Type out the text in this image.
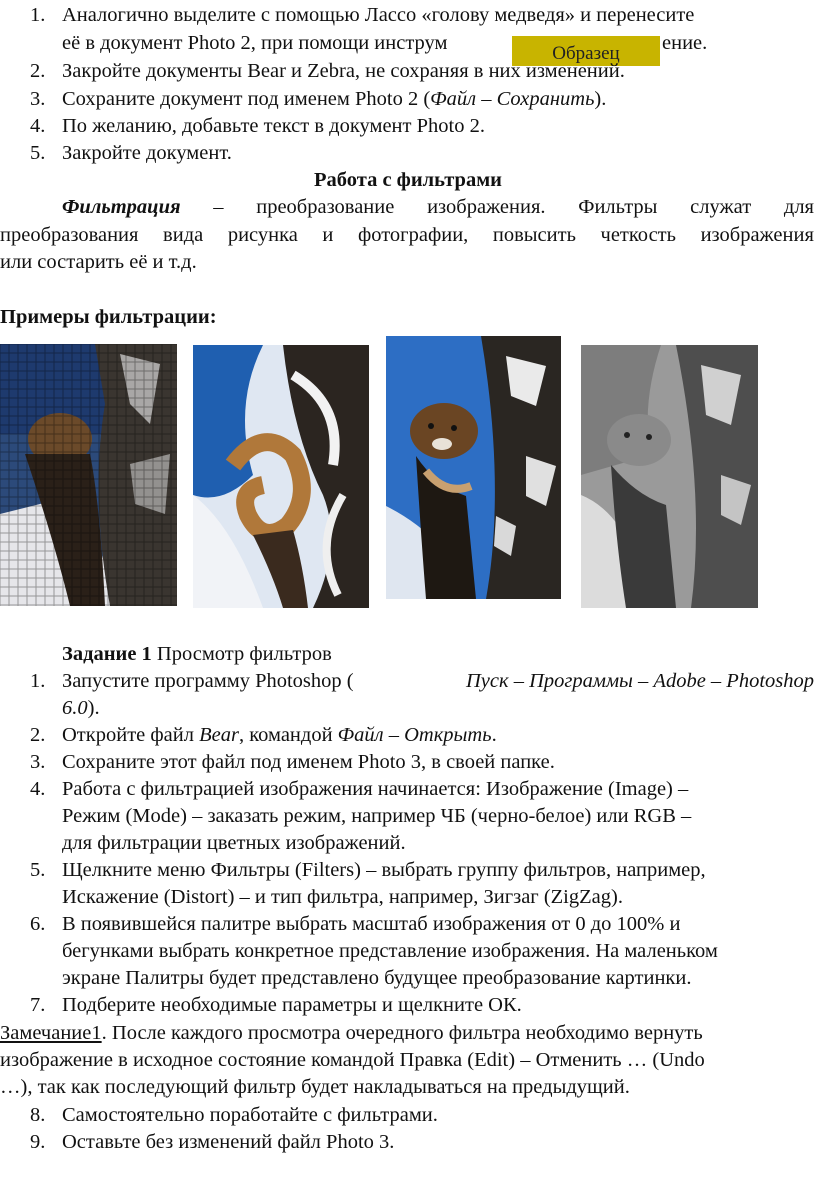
1. Аналогично выделите с помощью Лассо «голову медведя» и перенесите
её в документ Photo 2, при помощи инструм	ение.
Образец
2. Закройте документы Bear и Zebra, не сохраняя в них изменений.
3. Сохраните документ под именем Photo 2 (Файл – Сохранить).
4. По желанию, добавьте текст в документ Photo 2.
5. Закройте документ.
Работа с фильтрами
Фильтрация – преобразование изображения. Фильтры служат для
преобразования вида рисунка и фотографии, повысить четкость изображения
или состарить её и т.д.
Примеры фильтрации:
Задание 1 Просмотр фильтров
1. Запустите программу Photoshop (	Пуск – Программы – Adobe – Photoshop
6.0).
2. Откройте файл Bear, командой Файл – Открыть.
3. Сохраните этот файл под именем Photo 3, в своей папке.
4. Работа с фильтрацией изображения начинается: Изображение (Image) –
Режим (Mode) – заказать режим, например ЧБ (черно-белое) или RGB –
для фильтрации цветных изображений.
5. Щелкните меню Фильтры (Filters) – выбрать группу фильтров, например,
Искажение (Distort) – и тип фильтра, например, Зигзаг (ZigZag).
6. В появившейся палитре выбрать масштаб изображения от 0 до 100% и
бегунками выбрать конкретное представление изображения. На маленьком
экране Палитры будет представлено будущее преобразование картинки.
7. Подберите необходимые параметры и щелкните ОК.
Замечание1. После каждого просмотра очередного фильтра необходимо вернуть
изображение в исходное состояние командой Правка (Edit) – Отменить … (Undo
…), так как последующий фильтр будет накладываться на предыдущий.
8. Самостоятельно поработайте с фильтрами.
9. Оставьте без изменений файл Photo 3.
